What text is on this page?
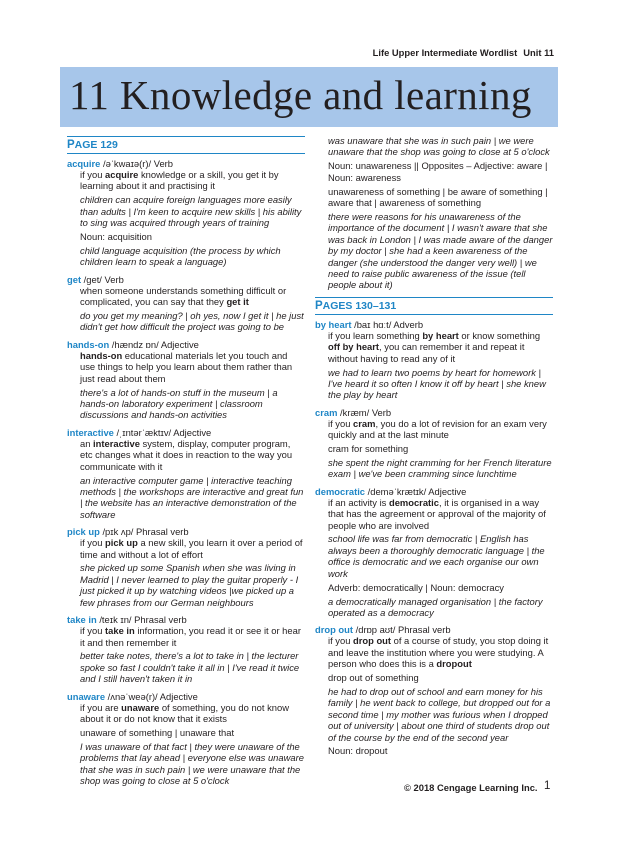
Life Upper Intermediate Wordlist Unit 11
11 Knowledge and learning
PAGE 129
acquire /əˈkwaɪə(r)/ Verb

if you acquire knowledge or a skill, you get it by learning about it and practising it

children can acquire foreign languages more easily than adults | I'm keen to acquire new skills | his ability to sing was acquired through years of training

Noun: acquisition

child language acquisition (the process by which children learn to speak a language)

get /get/ Verb

when someone understands something difficult or complicated, you can say that they get it

do you get my meaning? | oh yes, now I get it | he just didn't get how difficult the project was going to be

hands-on /hændz ɒn/ Adjective

hands-on educational materials let you touch and use things to help you learn about them rather than just read about them

there's a lot of hands-on stuff in the museum | a hands-on laboratory experiment | classroom discussions and hands-on activities

interactive /ˌɪntərˈæktɪv/ Adjective

an interactive system, display, computer program, etc changes what it does in reaction to the way you communicate with it

an interactive computer game | interactive teaching methods | the workshops are interactive and great fun | the website has an interactive demonstration of the software

pick up /pɪk ʌp/ Phrasal verb

if you pick up a new skill, you learn it over a period of time and without a lot of effort

she picked up some Spanish when she was living in Madrid | I never learned to play the guitar properly - I just picked it up by watching videos |we picked up a few phrases from our German neighbours

take in /teɪk ɪn/ Phrasal verb

if you take in information, you read it or see it or hear it and then remember it

better take notes, there's a lot to take in | the lecturer spoke so fast I couldn't take it all in | I've read it twice and I still haven't taken it in

unaware /ʌnəˈweə(r)/ Adjective

if you are unaware of something, you do not know about it or do not know that it exists

unaware of something | unaware that

I was unaware of that fact | they were unaware of the problems that lay ahead | everyone else was unaware that she was in such pain | we were unaware that the shop was going to close at 5 o'clock

was unaware that she was in such pain | we were unaware that the shop was going to close at 5 o'clock

Noun: unawareness || Opposites – Adjective: aware | Noun: awareness

unawareness of something | be aware of something | aware that | awareness of something

there were reasons for his unawareness of the importance of the document | I wasn't aware that she was back in London | I was made aware of the danger by my doctor | she had a keen awareness of the danger (she understood the danger very well) | we need to raise public awareness of the issue (tell people about it)

PAGES 130–131
by heart /baɪ hɑːt/ Adverb

if you learn something by heart or know something off by heart, you can remember it and repeat it without having to read any of it

we had to learn two poems by heart for homework | I've heard it so often I know it off by heart | she knew the play by heart

cram /kræm/ Verb

if you cram, you do a lot of revision for an exam very quickly and at the last minute

cram for something

she spent the night cramming for her French literature exam | we've been cramming since lunchtime

democratic /deməˈkrætɪk/ Adjective

if an activity is democratic, it is organised in a way that has the agreement or approval of the majority of people who are involved

school life was far from democratic | English has always been a thoroughly democratic language | the office is democratic and we each organise our own work

Adverb: democratically | Noun: democracy

a democratically managed organisation | the factory operated as a democracy

drop out /drɒp aʊt/ Phrasal verb

if you drop out of a course of study, you stop doing it and leave the institution where you were studying. A person who does this is a dropout

drop out of something

he had to drop out of school and earn money for his family | he went back to college, but dropped out for a second time | my mother was furious when I dropped out of university | about one third of students drop out of the course by the end of the second year

Noun: dropout

© 2018 Cengage Learning Inc. 1
